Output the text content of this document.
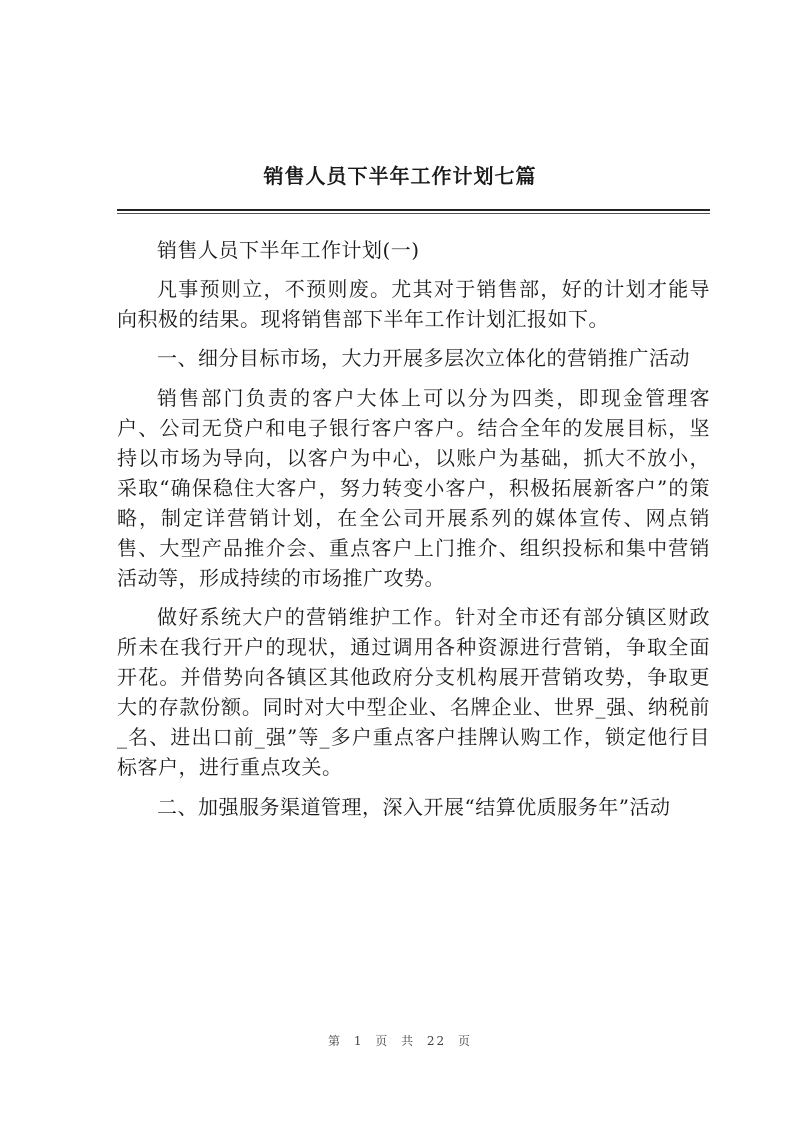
销售人员下半年工作计划七篇

销售人员下半年工作计划(一)

凡事预则立，不预则废。尤其对于销售部，好的计划才能导向积极的结果。现将销售部下半年工作计划汇报如下。

一、细分目标市场，大力开展多层次立体化的营销推广活动

销售部门负责的客户大体上可以分为四类，即现金管理客户、公司无贷户和电子银行客户客户。结合全年的发展目标，坚持以市场为导向，以客户为中心，以账户为基础，抓大不放小，采取“确保稳住大客户，努力转变小客户，积极拓展新客户”的策略，制定详营销计划，在全公司开展系列的媒体宣传、网点销售、大型产品推介会、重点客户上门推介、组织投标和集中营销活动等，形成持续的市场推广攻势。

做好系统大户的营销维护工作。针对全市还有部分镇区财政所未在我行开户的现状，通过调用各种资源进行营销，争取全面开花。并借势向各镇区其他政府分支机构展开营销攻势，争取更大的存款份额。同时对大中型企业、名牌企业、世界_强、纳税前_名、进出口前_强”等_多户重点客户挂牌认购工作，锁定他行目标客户，进行重点攻关。

二、加强服务渠道管理，深入开展“结算优质服务年”活动

第 1 页 共 22 页
